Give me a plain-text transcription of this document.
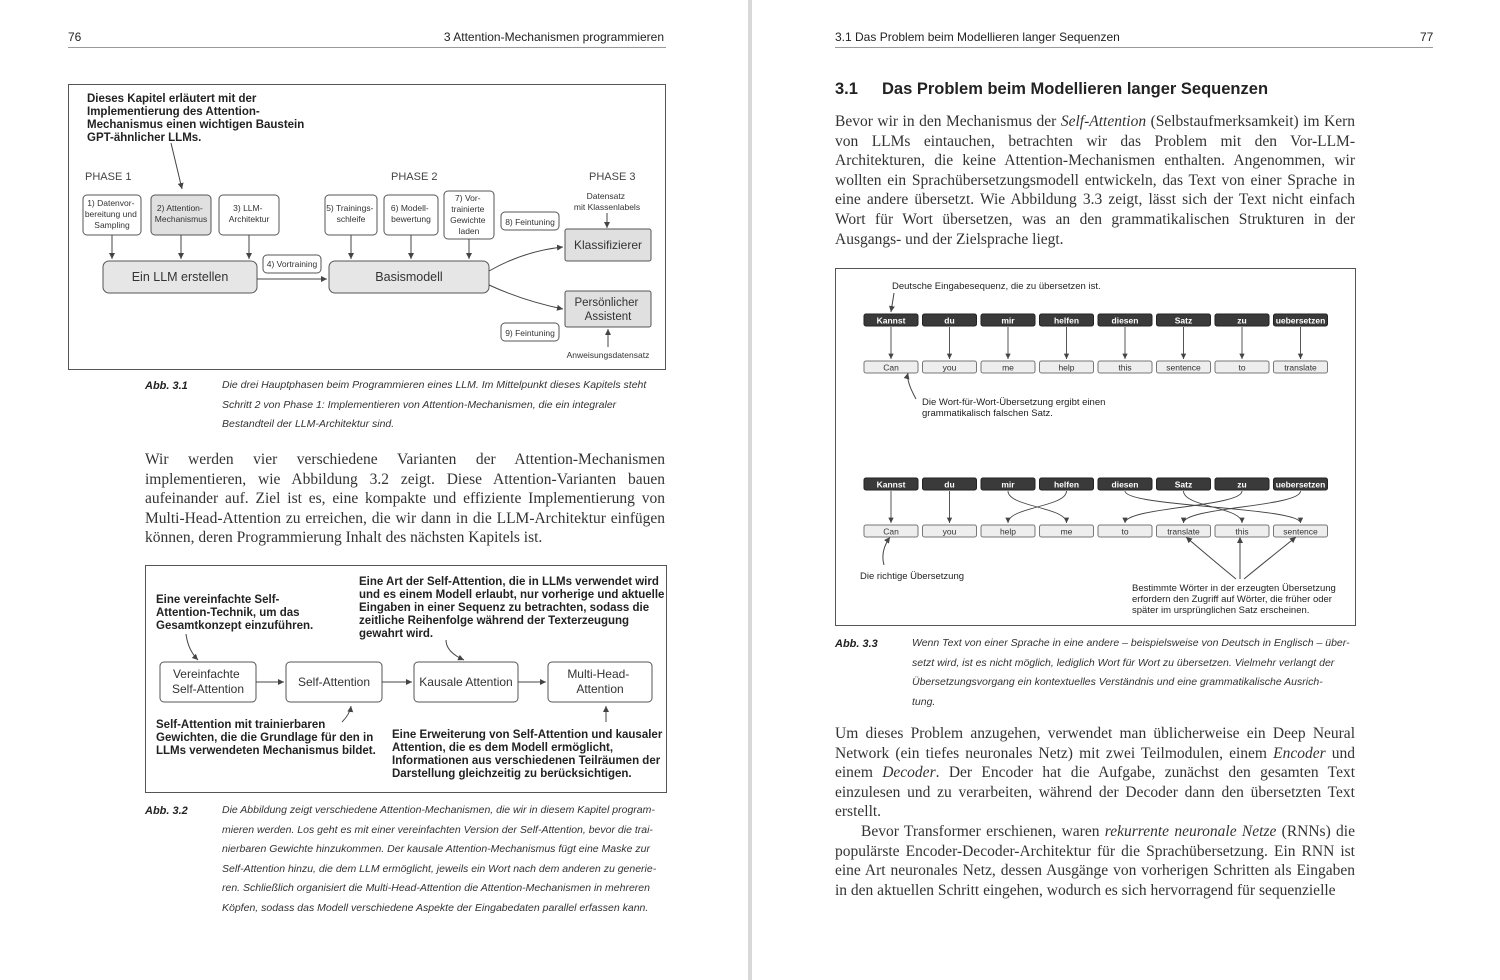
76	3 Attention-Mechanismen programmieren
Dieses Kapitel erläutert mit der Implementierung des Attention- Mechanismus einen wichtigen Baustein GPT-ähnlicher LLMs.
PHASE 1	PHASE 2	PHASE 3
1) Datenvor- bereitung und Sampling
2) Attention- Mechanismus
3) LLM- Architektur
5) Trainings- schleife
6) Modell- bewertung
7) Vor- trainierte Gewichte laden
8) Feintuning
Datensatz mit Klassenlabels
Klassifizierer
Ein LLM erstellen
4) Vortraining
Basismodell
Persönlicher Assistent
9) Feintuning
Anweisungsdatensatz
Abb. 3.1	Die drei Hauptphasen beim Programmieren eines LLM. Im Mittelpunkt dieses Kapitels steht
Schritt 2 von Phase 1: Implementieren von Attention-Mechanismen, die ein integraler
Bestandteil der LLM-Architektur sind.

Wir werden vier verschiedene Varianten der Attention-Mechanismen implementieren, wie Abbildung 3.2 zeigt. Diese Attention-Varianten bauen aufeinander auf. Ziel ist es, eine kompakte und effiziente Implementierung von Multi-Head-Attention zu erreichen, die wir dann in die LLM-Architektur einfügen können, deren Programmierung Inhalt des nächsten Kapitels ist.

Eine vereinfachte Self- Attention-Technik, um das Gesamtkonzept einzuführen.
Eine Art der Self-Attention, die in LLMs verwendet wird und es einem Modell erlaubt, nur vorherige und aktuelle Eingaben in einer Sequenz zu betrachten, sodass die zeitliche Reihenfolge während der Texterzeugung gewahrt wird.
Vereinfachte Self-Attention	Self-Attention	Kausale Attention
Multi-Head- Attention
Self-Attention mit trainierbaren Gewichten, die die Grundlage für den in LLMs verwendeten Mechanismus bildet.
Eine Erweiterung von Self-Attention und kausaler Attention, die es dem Modell ermöglicht, Informationen aus verschiedenen Teilräumen der Darstellung gleichzeitig zu berücksichtigen.
Abb. 3.2	Die Abbildung zeigt verschiedene Attention-Mechanismen, die wir in diesem Kapitel program-
mieren werden. Los geht es mit einer vereinfachten Version der Self-Attention, bevor die trai-
nierbaren Gewichte hinzukommen. Der kausale Attention-Mechanismus fügt eine Maske zur
Self-Attention hinzu, die dem LLM ermöglicht, jeweils ein Wort nach dem anderen zu generie-
ren. Schließlich organisiert die Multi-Head-Attention die Attention-Mechanismen in mehreren
Köpfen, sodass das Modell verschiedene Aspekte der Eingabedaten parallel erfassen kann.
3.1 Das Problem beim Modellieren langer Sequenzen	77
3.1 Das Problem beim Modellieren langer Sequenzen

Bevor wir in den Mechanismus der Self-Attention (Selbstaufmerksamkeit) im Kern von LLMs eintauchen, betrachten wir das Problem mit den Vor-LLM-Architekturen, die keine Attention-Mechanismen enthalten. Angenommen, wir wollten ein Sprachübersetzungsmodell entwickeln, das Text von einer Sprache in eine andere übersetzt. Wie Abbildung 3.3 zeigt, lässt sich der Text nicht einfach Wort für Wort übersetzen, was an den grammatikalischen Strukturen in der Ausgangs- und der Zielsprache liegt.

Deutsche Eingabesequenz, die zu übersetzen ist.
Kannst	du	mir	helfen	diesen	Satz	zu	uebersetzen
Can	you	me	help	this	sentence	to	translate
Die Wort-für-Wort-Übersetzung ergibt einen grammatikalisch falschen Satz.
Kannst	du	mir	helfen	diesen	Satz	zu	uebersetzen
Can	you	help	me	to	translate	this	sentence
Die richtige Übersetzung
Bestimmte Wörter in der erzeugten Übersetzung erfordern den Zugriff auf Wörter, die früher oder später im ursprünglichen Satz erscheinen.
Abb. 3.3	Wenn Text von einer Sprache in eine andere – beispielsweise von Deutsch in Englisch – über-
setzt wird, ist es nicht möglich, lediglich Wort für Wort zu übersetzen. Vielmehr verlangt der
Übersetzungsvorgang ein kontextuelles Verständnis und eine grammatikalische Ausrich-
tung.

Um dieses Problem anzugehen, verwendet man üblicherweise ein Deep Neural Network (ein tiefes neuronales Netz) mit zwei Teilmodulen, einem Encoder und einem Decoder. Der Encoder hat die Aufgabe, zunächst den gesamten Text einzulesen und zu verarbeiten, während der Decoder dann den übersetzten Text erstellt.

Bevor Transformer erschienen, waren rekurrente neuronale Netze (RNNs) die populärste Encoder-Decoder-Architektur für die Sprachübersetzung. Ein RNN ist eine Art neuronales Netz, dessen Ausgänge von vorherigen Schritten als Eingaben in den aktuellen Schritt eingehen, wodurch es sich hervorragend für sequenzielle
